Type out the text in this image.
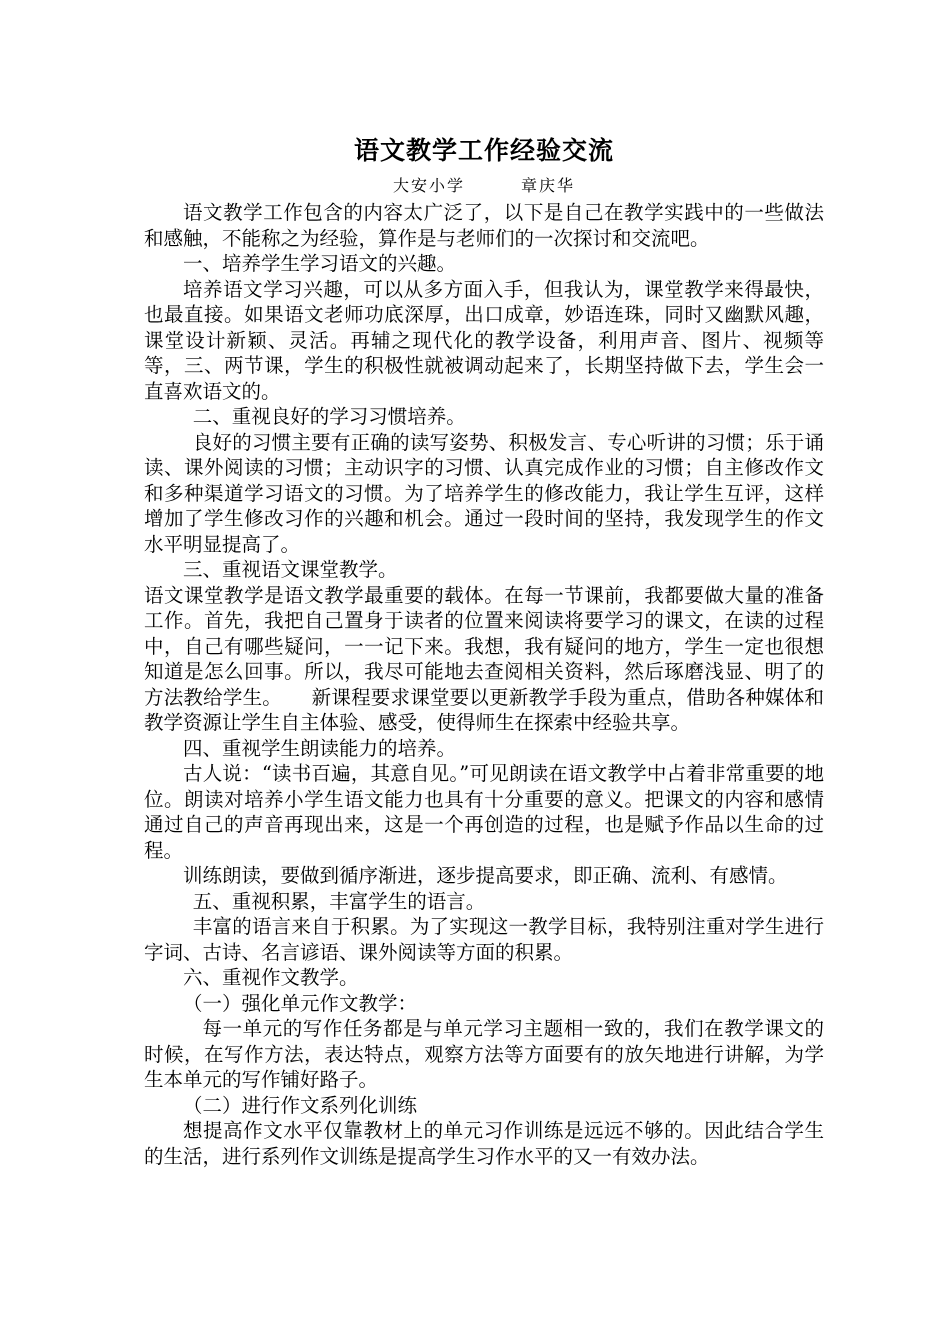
语文教学工作经验交流
大安小学	章庆华

语文教学工作包含的内容太广泛了，以下是自己在教学实践中的一些做法和感触，不能称之为经验，算作是与老师们的一次探讨和交流吧。

一、培养学生学习语文的兴趣。

培养语文学习兴趣，可以从多方面入手，但我认为，课堂教学来得最快，也最直接。如果语文老师功底深厚，出口成章，妙语连珠，同时又幽默风趣，课堂设计新颖、灵活。再辅之现代化的教学设备，利用声音、图片、视频等等，三、两节课，学生的积极性就被调动起来了，长期坚持做下去，学生会一直喜欢语文的。

二、重视良好的学习习惯培养。

良好的习惯主要有正确的读写姿势、积极发言、专心听讲的习惯；乐于诵读、课外阅读的习惯；主动识字的习惯、认真完成作业的习惯；自主修改作文和多种渠道学习语文的习惯。为了培养学生的修改能力，我让学生互评，这样增加了学生修改习作的兴趣和机会。通过一段时间的坚持，我发现学生的作文水平明显提高了。

三、重视语文课堂教学。

语文课堂教学是语文教学最重要的载体。在每一节课前，我都要做大量的准备工作。首先，我把自己置身于读者的位置来阅读将要学习的课文，在读的过程中，自己有哪些疑问，一一记下来。我想，我有疑问的地方，学生一定也很想知道是怎么回事。所以，我尽可能地去查阅相关资料，然后琢磨浅显、明了的方法教给学生。　　新课程要求课堂要以更新教学手段为重点，借助各种媒体和教学资源让学生自主体验、感受，使得师生在探索中经验共享。

四、重视学生朗读能力的培养。

古人说：“读书百遍，其意自见。”可见朗读在语文教学中占着非常重要的地位。朗读对培养小学生语文能力也具有十分重要的意义。把课文的内容和感情通过自己的声音再现出来，这是一个再创造的过程，也是赋予作品以生命的过程。

训练朗读，要做到循序渐进，逐步提高要求，即正确、流利、有感情。

五、重视积累，丰富学生的语言。

丰富的语言来自于积累。为了实现这一教学目标，我特别注重对学生进行字词、古诗、名言谚语、课外阅读等方面的积累。

六、重视作文教学。

（一）强化单元作文教学：

每一单元的写作任务都是与单元学习主题相一致的，我们在教学课文的时候，在写作方法，表达特点，观察方法等方面要有的放矢地进行讲解，为学生本单元的写作铺好路子。

（二）进行作文系列化训练

想提高作文水平仅靠教材上的单元习作训练是远远不够的。因此结合学生的生活，进行系列作文训练是提高学生习作水平的又一有效办法。
